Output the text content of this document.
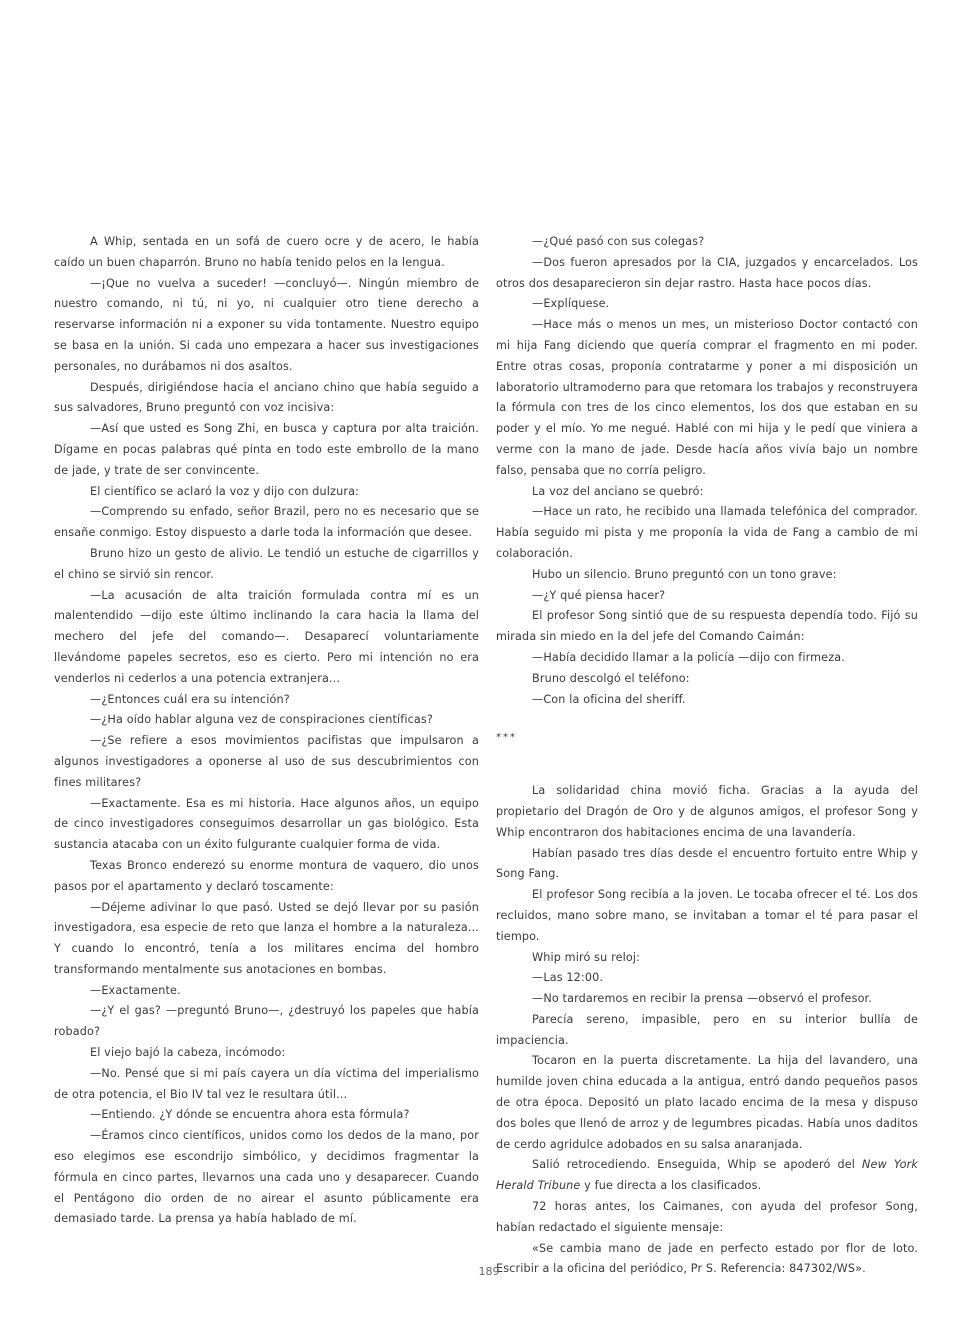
A Whip, sentada en un sofá de cuero ocre y de acero, le había caído un buen chaparrón. Bruno no había tenido pelos en la lengua.

—¡Que no vuelva a suceder! —concluyó—. Ningún miembro de nuestro comando, ni tú, ni yo, ni cualquier otro tiene derecho a reservarse información ni a exponer su vida tontamente. Nuestro equipo se basa en la unión. Si cada uno empezara a hacer sus investigaciones personales, no durábamos ni dos asaltos.

Después, dirigiéndose hacia el anciano chino que había seguido a sus salvadores, Bruno preguntó con voz incisiva:

—Así que usted es Song Zhi, en busca y captura por alta traición. Dígame en pocas palabras qué pinta en todo este embrollo de la mano de jade, y trate de ser convincente.

El científico se aclaró la voz y dijo con dulzura:

—Comprendo su enfado, señor Brazil, pero no es necesario que se ensañe conmigo. Estoy dispuesto a darle toda la información que desee.

Bruno hizo un gesto de alivio. Le tendió un estuche de cigarrillos y el chino se sirvió sin rencor.

—La acusación de alta traición formulada contra mí es un malentendido —dijo este último inclinando la cara hacia la llama del mechero del jefe del comando—. Desaparecí voluntariamente llevándome papeles secretos, eso es cierto. Pero mi intención no era venderlos ni cederlos a una potencia extranjera...

—¿Entonces cuál era su intención?

—¿Ha oído hablar alguna vez de conspiraciones científicas?

—¿Se refiere a esos movimientos pacifistas que impulsaron a algunos investigadores a oponerse al uso de sus descubrimientos con fines militares?

—Exactamente. Esa es mi historia. Hace algunos años, un equipo de cinco investigadores conseguimos desarrollar un gas biológico. Esta sustancia atacaba con un éxito fulgurante cualquier forma de vida.

Texas Bronco enderezó su enorme montura de vaquero, dio unos pasos por el apartamento y declaró toscamente:

—Déjeme adivinar lo que pasó. Usted se dejó llevar por su pasión investigadora, esa especie de reto que lanza el hombre a la naturaleza... Y cuando lo encontró, tenía a los militares encima del hombro transformando mentalmente sus anotaciones en bombas.

—Exactamente.

—¿Y el gas? —preguntó Bruno—, ¿destruyó los papeles que había robado?

El viejo bajó la cabeza, incómodo:

—No. Pensé que si mi país cayera un día víctima del imperialismo de otra potencia, el Bio IV tal vez le resultara útil...

—Entiendo. ¿Y dónde se encuentra ahora esta fórmula?

—Éramos cinco científicos, unidos como los dedos de la mano, por eso elegimos ese escondrijo simbólico, y decidimos fragmentar la fórmula en cinco partes, llevarnos una cada uno y desaparecer. Cuando el Pentágono dio orden de no airear el asunto públicamente era demasiado tarde. La prensa ya había hablado de mí.

—¿Qué pasó con sus colegas?

—Dos fueron apresados por la CIA, juzgados y encarcelados. Los otros dos desaparecieron sin dejar rastro. Hasta hace pocos días.

—Explíquese.

—Hace más o menos un mes, un misterioso Doctor contactó con mi hija Fang diciendo que quería comprar el fragmento en mi poder. Entre otras cosas, proponía contratarme y poner a mi disposición un laboratorio ultramoderno para que retomara los trabajos y reconstruyera la fórmula con tres de los cinco elementos, los dos que estaban en su poder y el mío. Yo me negué. Hablé con mi hija y le pedí que viniera a verme con la mano de jade. Desde hacía años vivía bajo un nombre falso, pensaba que no corría peligro.

La voz del anciano se quebró:

—Hace un rato, he recibido una llamada telefónica del comprador. Había seguido mi pista y me proponía la vida de Fang a cambio de mi colaboración.

Hubo un silencio. Bruno preguntó con un tono grave:

—¿Y qué piensa hacer?

El profesor Song sintió que de su respuesta dependía todo. Fijó su mirada sin miedo en la del jefe del Comando Caimán:

—Había decidido llamar a la policía —dijo con firmeza.

Bruno descolgó el teléfono:

—Con la oficina del sheriff.

***

La solidaridad china movió ficha. Gracias a la ayuda del propietario del Dragón de Oro y de algunos amigos, el profesor Song y Whip encontraron dos habitaciones encima de una lavandería.

Habían pasado tres días desde el encuentro fortuito entre Whip y Song Fang.

El profesor Song recibía a la joven. Le tocaba ofrecer el té. Los dos recluidos, mano sobre mano, se invitaban a tomar el té para pasar el tiempo.

Whip miró su reloj:

—Las 12:00.

—No tardaremos en recibir la prensa —observó el profesor.

Parecía sereno, impasible, pero en su interior bullía de impaciencia.

Tocaron en la puerta discretamente. La hija del lavandero, una humilde joven china educada a la antigua, entró dando pequeños pasos de otra época. Depositó un plato lacado encima de la mesa y dispuso dos boles que llenó de arroz y de legumbres picadas. Había unos daditos de cerdo agridulce adobados en su salsa anaranjada.

Salió retrocediendo. Enseguida, Whip se apoderó del New York Herald Tribune y fue directa a los clasificados.

72 horas antes, los Caimanes, con ayuda del profesor Song, habían redactado el siguiente mensaje:

«Se cambia mano de jade en perfecto estado por flor de loto. Escribir a la oficina del periódico, Pr S. Referencia: 847302/WS».

189
